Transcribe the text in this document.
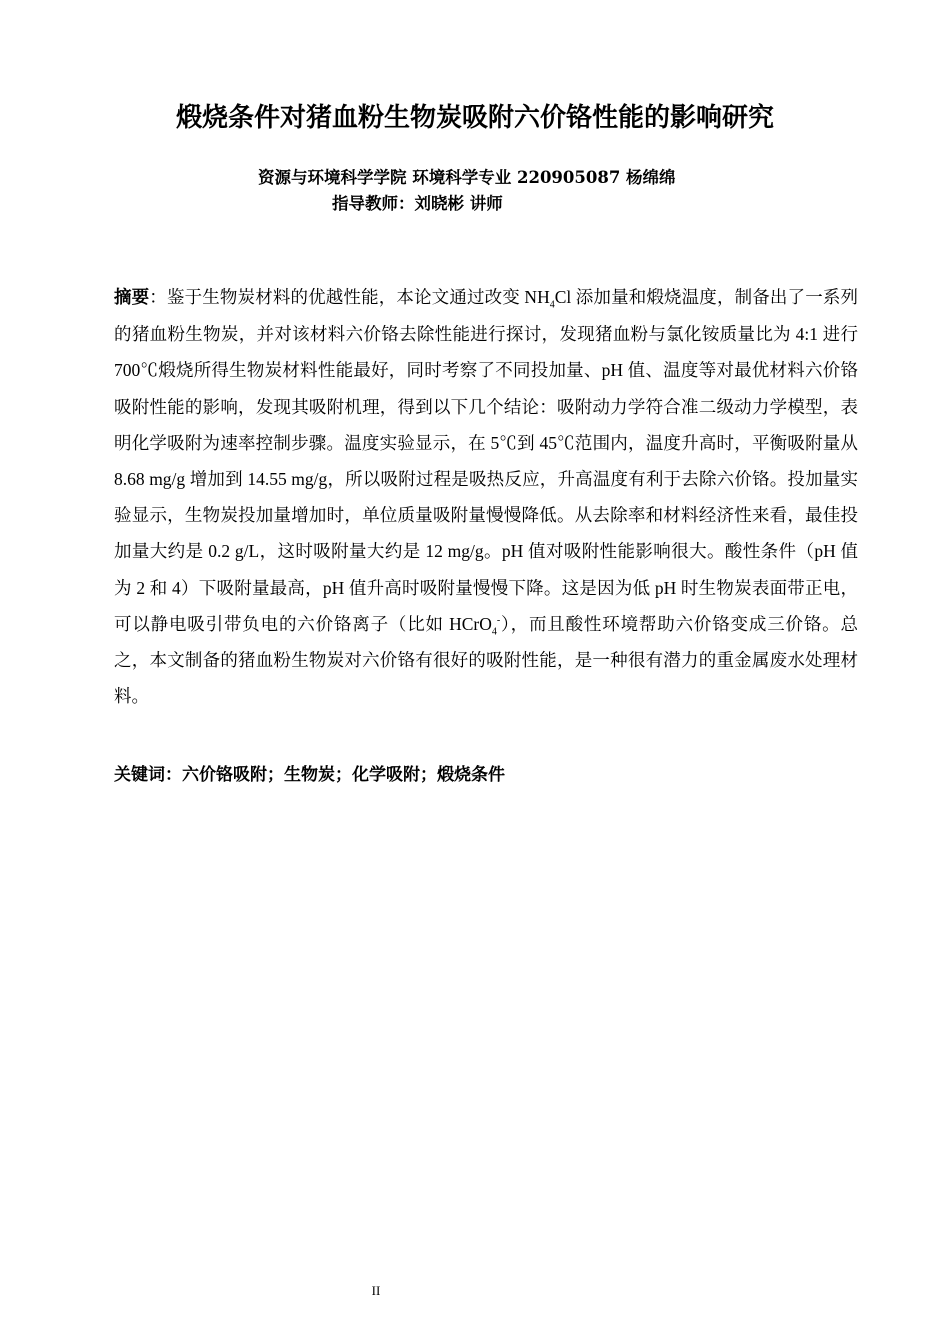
煅烧条件对猪血粉生物炭吸附六价铬性能的影响研究
资源与环境科学学院 环境科学专业 220905087 杨绵绵
指导教师：刘晓彬 讲师

摘要：鉴于生物炭材料的优越性能，本论文通过改变 $NH_4Cl$ 添加量和煅烧温度，制备出了一系列的猪血粉生物炭，并对该材料六价铬去除性能进行探讨，发现猪血粉与氯化铵质量比为 4:1 进行 700℃煅烧所得生物炭材料性能最好，同时考察了不同投加量、pH 值、温度等对最优材料六价铬吸附性能的影响，发现其吸附机理，得到以下几个结论：吸附动力学符合准二级动力学模型，表明化学吸附为速率控制步骤。温度实验显示，在 5℃到 45℃范围内，温度升高时，平衡吸附量从 8.68 mg/g 增加到 14.55 mg/g，所以吸附过程是吸热反应，升高温度有利于去除六价铬。投加量实验显示，生物炭投加量增加时，单位质量吸附量慢慢降低。从去除率和材料经济性来看，最佳投加量大约是 0.2 g/L，这时吸附量大约是 12 mg/g。pH 值对吸附性能影响很大。酸性条件（pH 值为 2 和 4）下吸附量最高，pH 值升高时吸附量慢慢下降。这是因为低 pH 时生物炭表面带正电，可以静电吸引带负电的六价铬离子（比如 HCrO$_4$-），而且酸性环境帮助六价铬变成三价铬。总之，本文制备的猪血粉生物炭对六价铬有很好的吸附性能，是一种很有潜力的重金属废水处理材料。

关键词：六价铬吸附；生物炭；化学吸附；煅烧条件
II
